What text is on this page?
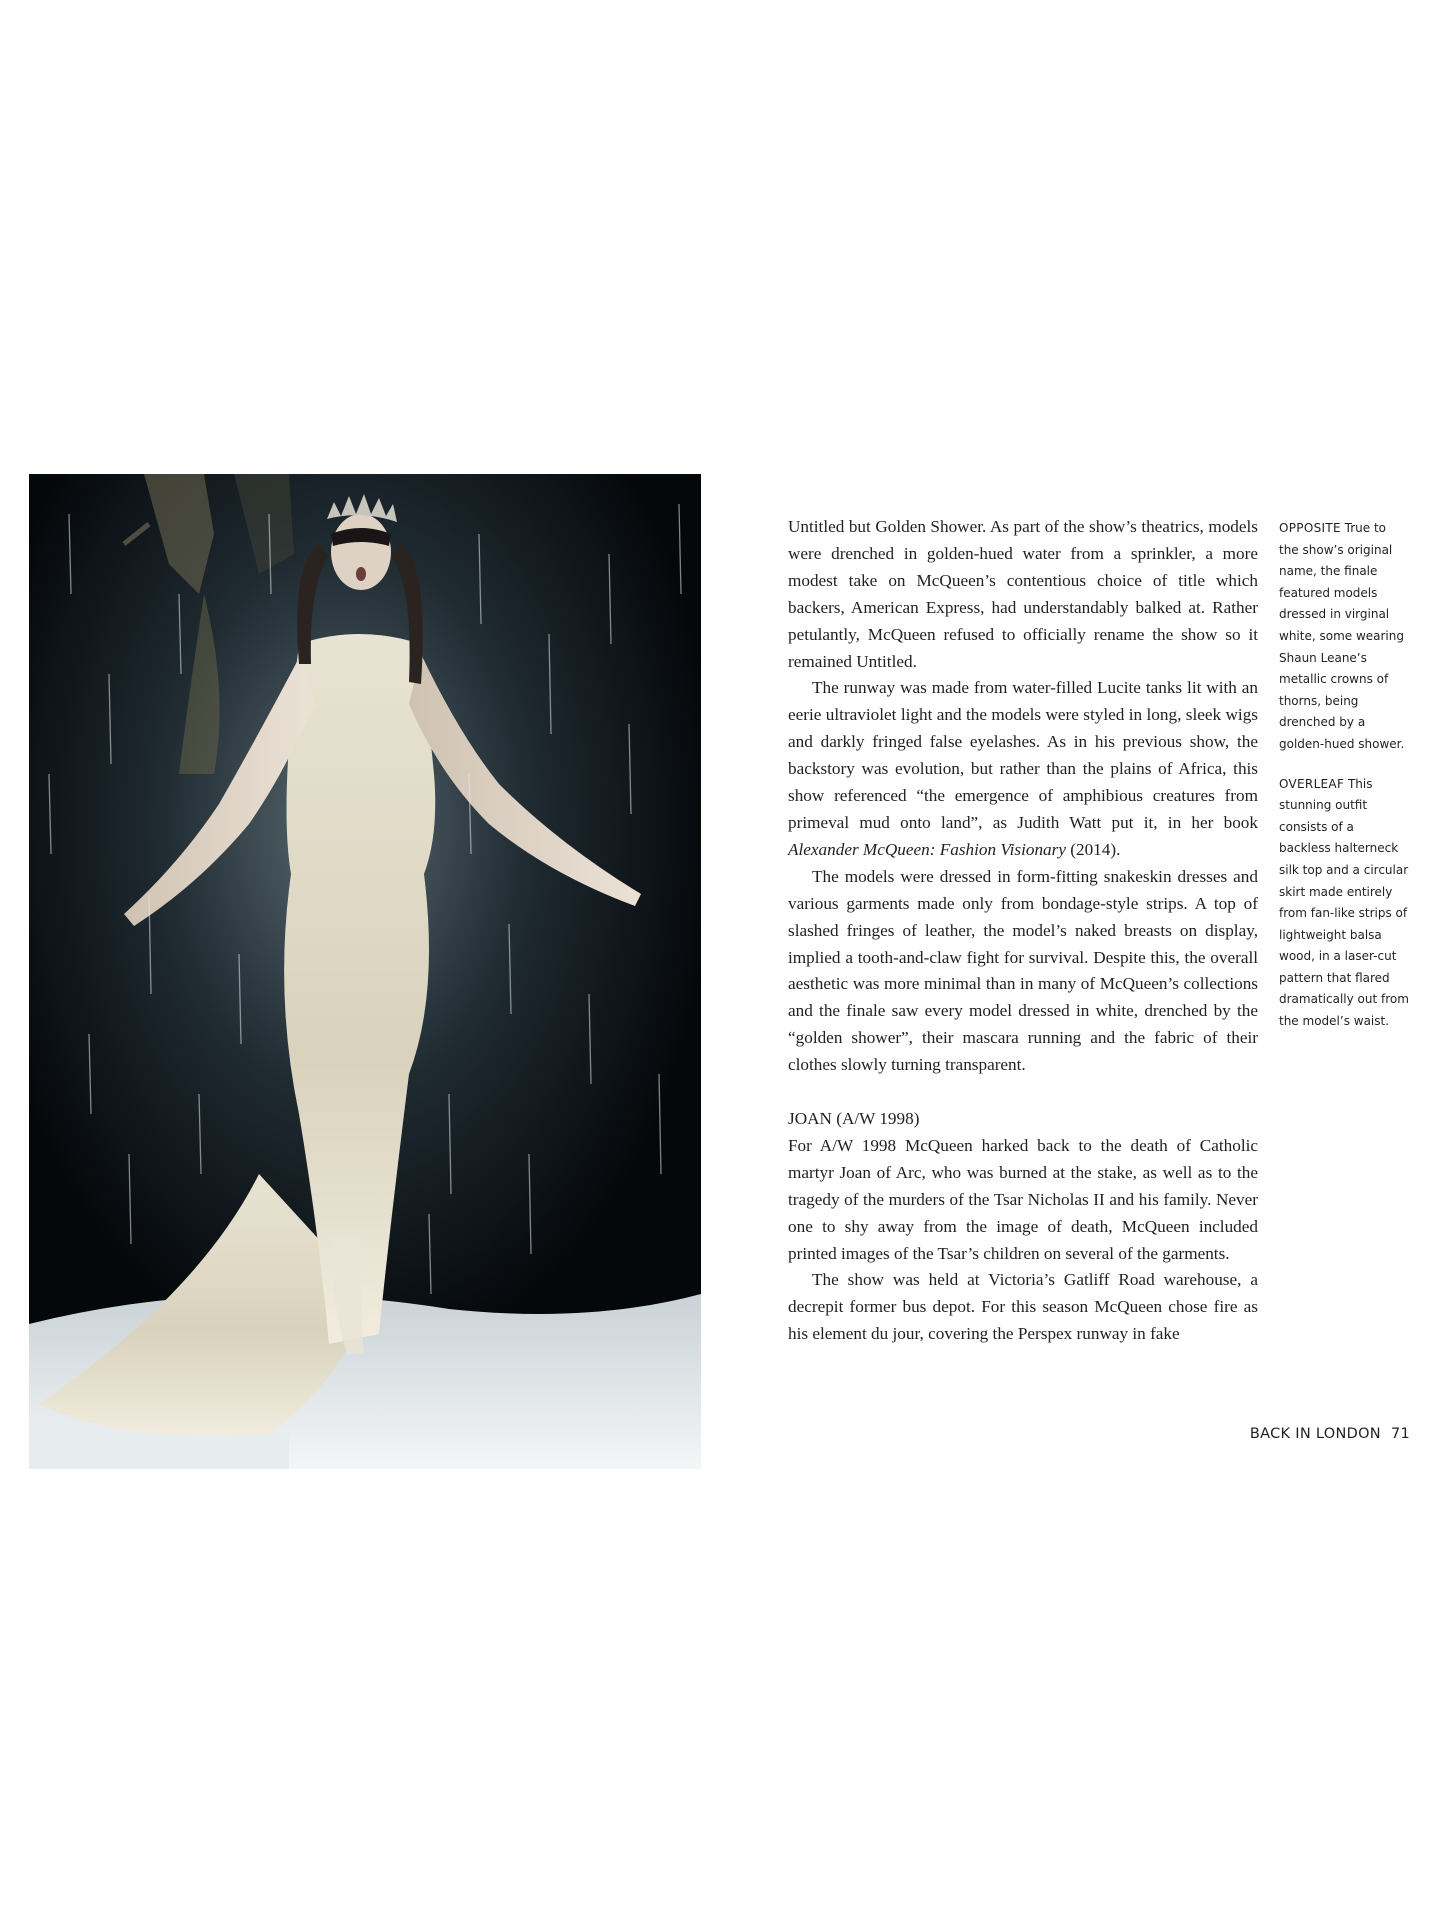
Untitled but Golden Shower. As part of the show’s theatrics, models were drenched in golden-hued water from a sprinkler, a more modest take on McQueen’s contentious choice of title which backers, American Express, had understandably balked at. Rather petulantly, McQueen refused to officially rename the show so it remained Untitled.

The runway was made from water-filled Lucite tanks lit with an eerie ultraviolet light and the models were styled in long, sleek wigs and darkly fringed false eyelashes. As in his previous show, the backstory was evolution, but rather than the plains of Africa, this show referenced “the emergence of amphibious creatures from primeval mud onto land”, as Judith Watt put it, in her book Alexander McQueen: Fashion Visionary (2014).

The models were dressed in form-fitting snakeskin dresses and various garments made only from bondage-style strips. A top of slashed fringes of leather, the model’s naked breasts on display, implied a tooth-and-claw fight for survival. Despite this, the overall aesthetic was more minimal than in many of McQueen’s collections and the finale saw every model dressed in white, drenched by the “golden shower”, their mascara running and the fabric of their clothes slowly turning transparent.

JOAN (A/W 1998)

For A/W 1998 McQueen harked back to the death of Catholic martyr Joan of Arc, who was burned at the stake, as well as to the tragedy of the murders of the Tsar Nicholas II and his family. Never one to shy away from the image of death, McQueen included printed images of the Tsar’s children on several of the garments.

The show was held at Victoria’s Gatliff Road warehouse, a decrepit former bus depot. For this season McQueen chose fire as his element du jour, covering the Perspex runway in fake

OPPOSITE True to the show’s original name, the finale featured models dressed in virginal white, some wearing Shaun Leane’s metallic crowns of thorns, being drenched by a golden-hued shower.

OVERLEAF This stunning outfit consists of a backless halterneck silk top and a circular skirt made entirely from fan-like strips of lightweight balsa wood, in a laser-cut pattern that flared dramatically out from the model’s waist.

BACK IN LONDON 71
